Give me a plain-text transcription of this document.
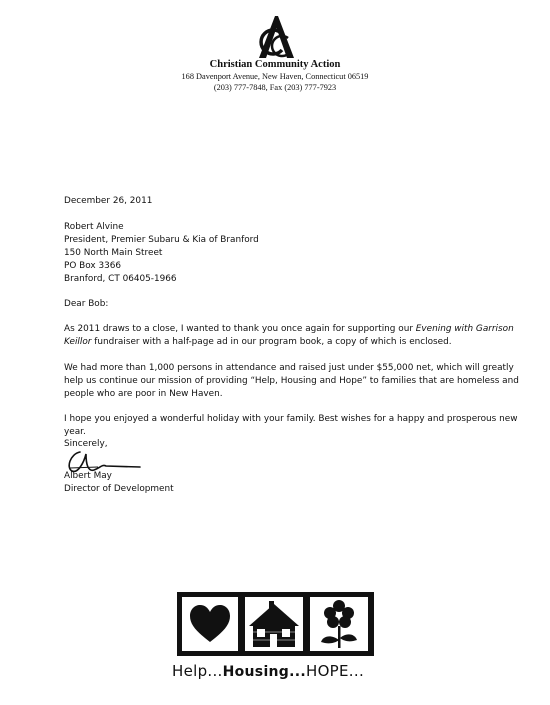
Christian Community Action
168 Davenport Avenue, New Haven, Connecticut 06519
(203) 777-7848, Fax (203) 777-7923
December 26, 2011
Robert Alvine
President, Premier Subaru & Kia of Branford
150 North Main Street
PO Box 3366
Branford, CT 06405-1966
Dear Bob:
As 2011 draws to a close, I wanted to thank you once again for supporting our Evening with Garrison
Keillor fundraiser with a half-page ad in our program book, a copy of which is enclosed.
We had more than 1,000 persons in attendance and raised just under $55,000 net, which will greatly
help us continue our mission of providing “Help, Housing and Hope” to families that are homeless and
people who are poor in New Haven.
I hope you enjoyed a wonderful holiday with your family. Best wishes for a happy and prosperous new
year.
Sincerely,
Albert May
Director of Development
Help...Housing...HOPE...
